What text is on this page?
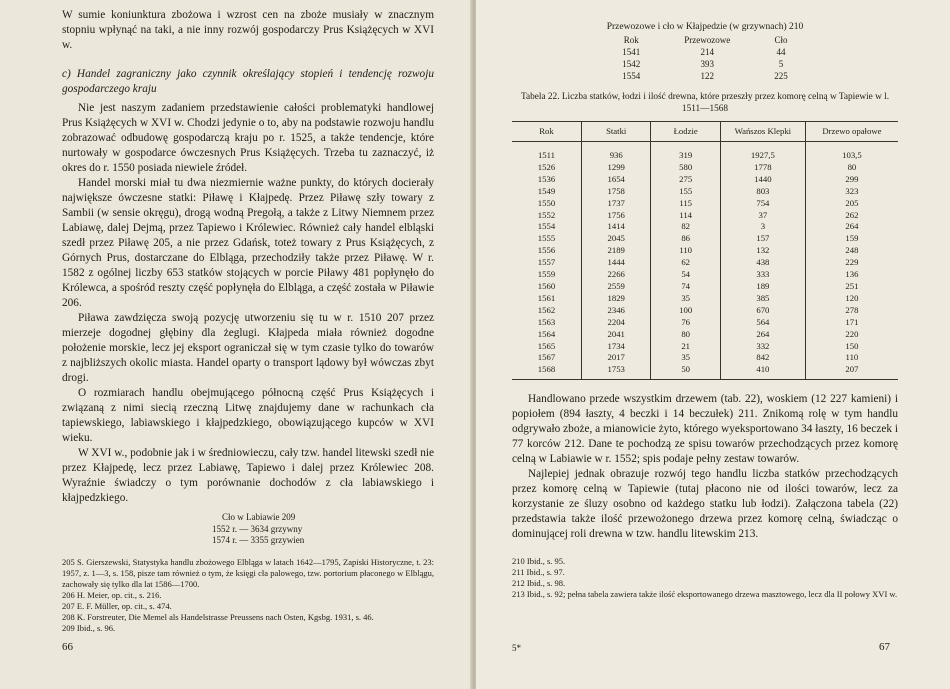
W sumie koniunktura zbożowa i wzrost cen na zboże musiały w znacznym stopniu wpłynąć na taki, a nie inny rozwój gospodarczy Prus Książęcych w XVI w.

c) Handel zagraniczny jako czynnik określający stopień i tendencję rozwoju gospodarczego kraju

Nie jest naszym zadaniem przedstawienie całości problematyki handlowej Prus Książęcych w XVI w. Chodzi jedynie o to, aby na podstawie rozwoju handlu zobrazować odbudowę gospodarczą kraju po r. 1525, a także tendencje, które nurtowały w gospodarce ówczesnych Prus Książęcych. Trzeba tu zaznaczyć, iż okres do r. 1550 posiada niewiele źródeł.

Handel morski miał tu dwa niezmiernie ważne punkty, do których docierały największe ówczesne statki: Piławę i Kłajpedę. Przez Piławę szły towary z Sambii (w sensie okręgu), drogą wodną Pregołą, a także z Litwy Niemnem przez Labiawę, dalej Dejmą, przez Tapiewo i Królewiec. Również cały handel elbląski szedł przez Piławę 205, a nie przez Gdańsk, toteż towary z Prus Książęcych, z Górnych Prus, dostarczane do Elbląga, przechodziły także przez Piławę. W r. 1582 z ogólnej liczby 653 statków stojących w porcie Piławy 481 popłynęło do Królewca, a spośród reszty część popłynęła do Elbląga, a część została w Piławie 206.

Piława zawdzięcza swoją pozycję utworzeniu się tu w r. 1510 207 przez mierzeje dogodnej głębiny dla żeglugi. Kłajpeda miała również dogodne położenie morskie, lecz jej eksport ograniczał się w tym czasie tylko do towarów z najbliższych okolic miasta. Handel oparty o transport lądowy był wówczas zbyt drogi.

O rozmiarach handlu obejmującego północną część Prus Książęcych i związaną z nimi siecią rzeczną Litwę znajdujemy dane w rachunkach cła tapiewskiego, labiawskiego i kłajpedzkiego, obowiązującego kupców w XVI wieku.

W XVI w., podobnie jak i w średniowieczu, cały tzw. handel litewski szedł nie przez Kłajpedę, lecz przez Labiawę, Tapiewo i dalej przez Królewiec 208. Wyraźnie świadczy o tym porównanie dochodów z cła labiawskiego i kłajpedzkiego.

Cło w Labiawie 209
1552 r. — 3634 grzywny
1574 r. — 3355 grzywien
205 S. Gierszewski, Statystyka handlu zbożowego Elbląga w latach 1642—1795, Zapiski Historyczne, t. 23: 1957, z. 1—3, s. 158, pisze tam również o tym, że księgi cła palowego, tzw. portorium płaconego w Elblągu, zachowały się tylko dla lat 1586—1700.
206 H. Meier, op. cit., s. 216.
207 E. F. Müller, op. cit., s. 474.
208 K. Forstreuter, Die Memel als Handelstrasse Preussens nach Osten, Kgsbg. 1931, s. 46.
209 Ibid., s. 96.
66
Przewozowe i cło w Kłajpedzie (w grzywnach) 210
Rok	Przewozowe	Cło
1541	214	44
1542	393	5
1554	122	225
Tabela 22. Liczba statków, łodzi i ilość drewna, które przeszły przez komorę celną w Tapiewie w l. 1511—1568
Rok	Statki	Łodzie	Wańszos Klepki	Drzewo opałowe
1511	936	319	1927,5	103,5
1526	1299	580	1778	80
1536	1654	275	1440	299
1549	1758	155	803	323
1550	1737	115	754	205
1552	1756	114	37	262
1554	1414	82	3	264
1555	2045	86	157	159
1556	2189	110	132	248
1557	1444	62	438	229
1559	2266	54	333	136
1560	2559	74	189	251
1561	1829	35	385	120
1562	2346	100	670	278
1563	2204	76	564	171
1564	2041	80	264	220
1565	1734	21	332	150
1567	2017	35	842	110
1568	1753	50	410	207

Handlowano przede wszystkim drzewem (tab. 22), woskiem (12 227 kamieni) i popiołem (894 łaszty, 4 beczki i 14 beczułek) 211. Znikomą rolę w tym handlu odgrywało zboże, a mianowicie żyto, którego wyeksportowano 34 łaszty, 16 beczek i 77 korców 212. Dane te pochodzą ze spisu towarów przechodzących przez komorę celną w Labiawie w r. 1552; spis podaje pełny zestaw towarów.

Najlepiej jednak obrazuje rozwój tego handlu liczba statków przechodzących przez komorę celną w Tapiewie (tutaj płacono nie od ilości towarów, lecz za korzystanie ze śluzy osobno od każdego statku lub łodzi). Załączona tabela (22) przedstawia także ilość przewożonego drzewa przez komorę celną, świadcząc o dominującej roli drewna w tzw. handlu litewskim 213.

210 Ibid., s. 95.
211 Ibid., s. 97.
212 Ibid., s. 98.
213 Ibid., s. 92; pełna tabela zawiera także ilość eksportowanego drzewa masztowego, lecz dla II połowy XVI w.
5*	67
